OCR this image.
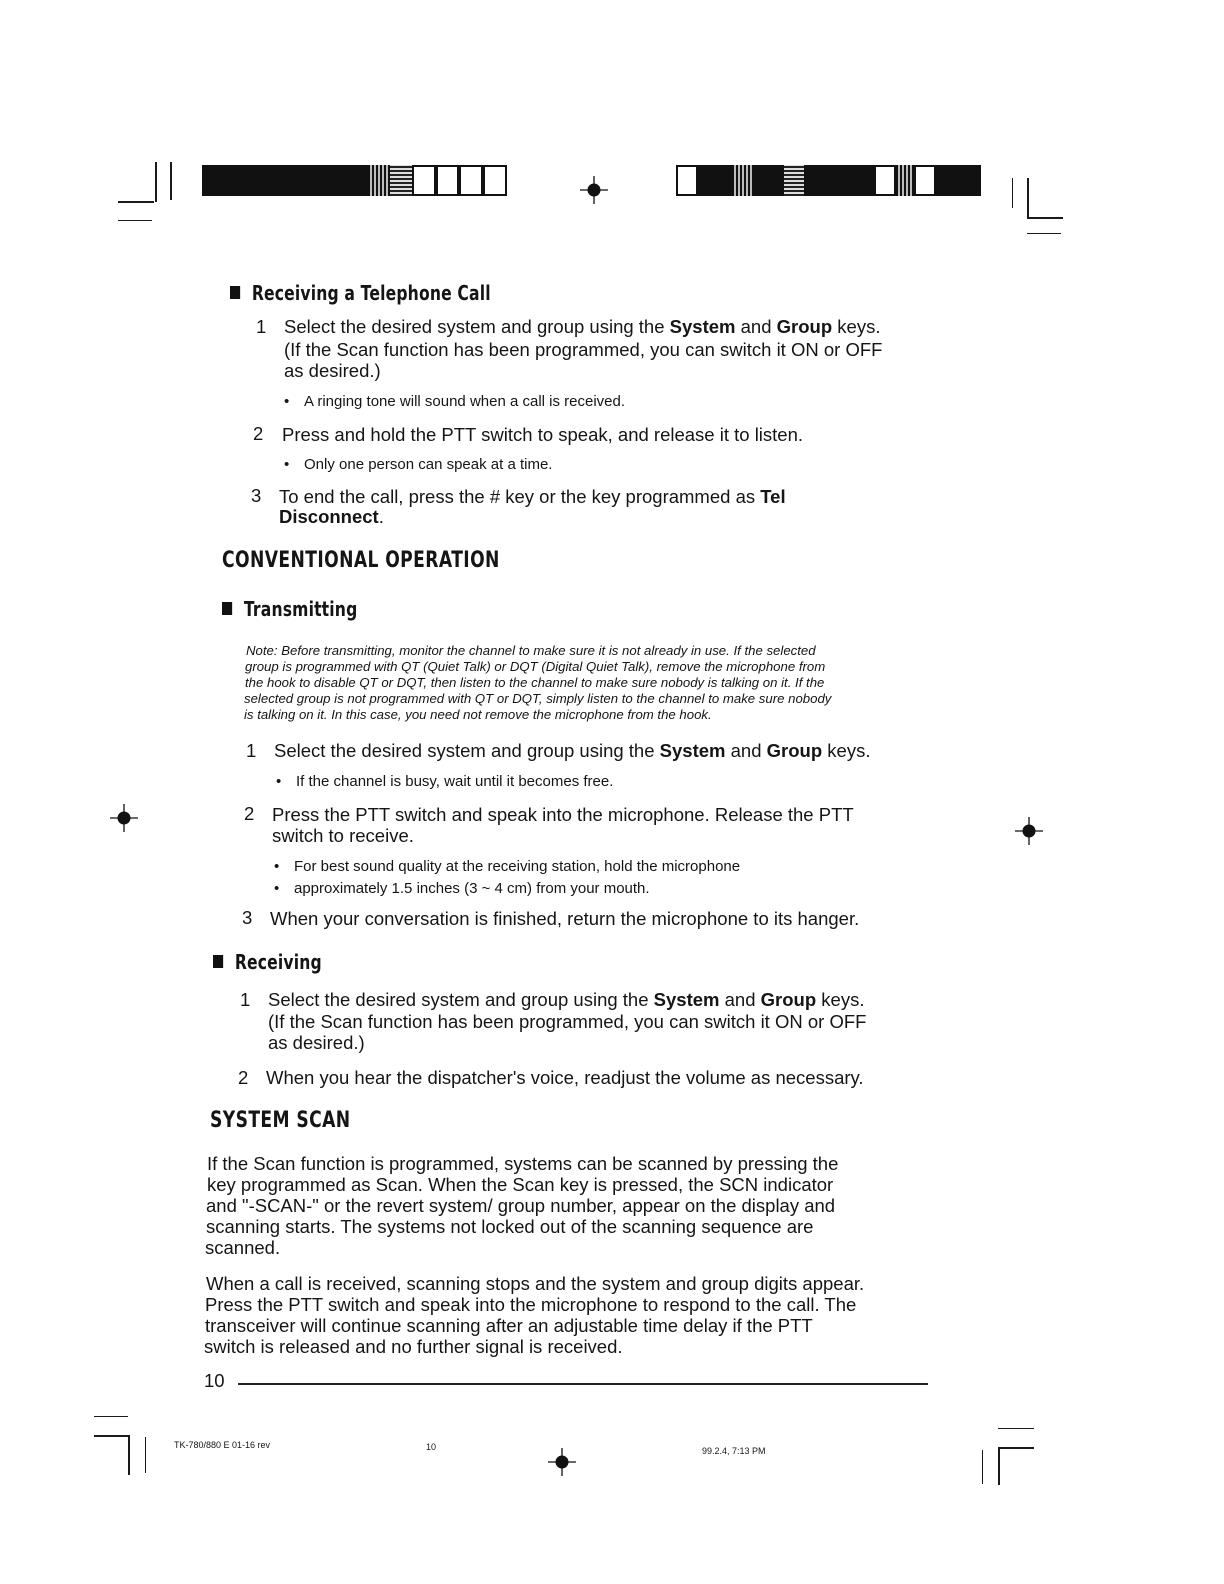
Receiving a Telephone Call
1 Select the desired system and group using the System and Group keys.
(If the Scan function has been programmed, you can switch it ON or OFF
as desired.)
• A ringing tone will sound when a call is received.
2 Press and hold the PTT switch to speak, and release it to listen.
• Only one person can speak at a time.
3 To end the call, press the # key or the key programmed as Tel
Disconnect.
CONVENTIONAL OPERATION
Transmitting
Note: Before transmitting, monitor the channel to make sure it is not already in use. If the selected
group is programmed with QT (Quiet Talk) or DQT (Digital Quiet Talk), remove the microphone from
the hook to disable QT or DQT, then listen to the channel to make sure nobody is talking on it. If the
selected group is not programmed with QT or DQT, simply listen to the channel to make sure nobody
is talking on it. In this case, you need not remove the microphone from the hook.
1 Select the desired system and group using the System and Group keys.
• If the channel is busy, wait until it becomes free.
2 Press the PTT switch and speak into the microphone. Release the PTT
switch to receive.
• For best sound quality at the receiving station, hold the microphone
• approximately 1.5 inches (3 ~ 4 cm) from your mouth.
3 When your conversation is finished, return the microphone to its hanger.
Receiving
1 Select the desired system and group using the System and Group keys.
(If the Scan function has been programmed, you can switch it ON or OFF
as desired.)
2 When you hear the dispatcher's voice, readjust the volume as necessary.
SYSTEM SCAN
If the Scan function is programmed, systems can be scanned by pressing the
key programmed as Scan. When the Scan key is pressed, the SCN indicator
and "-SCAN-" or the revert system/ group number, appear on the display and
scanning starts. The systems not locked out of the scanning sequence are
scanned.
When a call is received, scanning stops and the system and group digits appear.
Press the PTT switch and speak into the microphone to respond to the call. The
transceiver will continue scanning after an adjustable time delay if the PTT
switch is released and no further signal is received.
10
TK-780/880 E 01-16 rev	10	99.2.4, 7:13 PM
